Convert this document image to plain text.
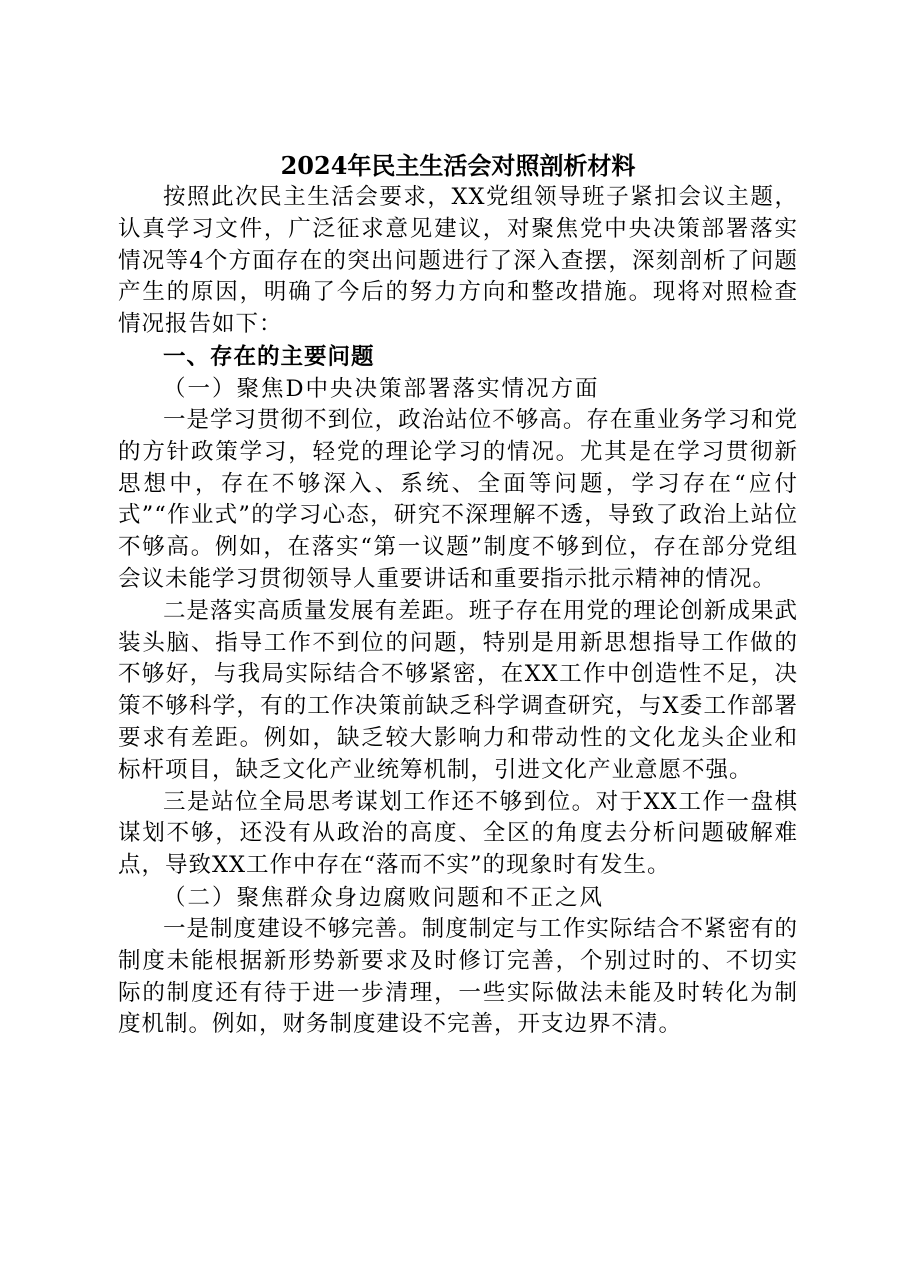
2024年民主生活会对照剖析材料

按照此次民主生活会要求，XX党组领导班子紧扣会议主题，认真学习文件，广泛征求意见建议，对聚焦党中央决策部署落实情况等4个方面存在的突出问题进行了深入查摆，深刻剖析了问题产生的原因，明确了今后的努力方向和整改措施。现将对照检查情况报告如下：

一、存在的主要问题

（一）聚焦D中央决策部署落实情况方面

一是学习贯彻不到位，政治站位不够高。存在重业务学习和党的方针政策学习，轻党的理论学习的情况。尤其是在学习贯彻新思想中，存在不够深入、系统、全面等问题，学习存在“应付式”“作业式”的学习心态，研究不深理解不透，导致了政治上站位不够高。例如，在落实“第一议题”制度不够到位，存在部分党组会议未能学习贯彻领导人重要讲话和重要指示批示精神的情况。

二是落实高质量发展有差距。班子存在用党的理论创新成果武装头脑、指导工作不到位的问题，特别是用新思想指导工作做的不够好，与我局实际结合不够紧密，在XX工作中创造性不足，决策不够科学，有的工作决策前缺乏科学调查研究，与X委工作部署要求有差距。例如，缺乏较大影响力和带动性的文化龙头企业和标杆项目，缺乏文化产业统筹机制，引进文化产业意愿不强。

三是站位全局思考谋划工作还不够到位。对于XX工作一盘棋谋划不够，还没有从政治的高度、全区的角度去分析问题破解难点，导致XX工作中存在“落而不实”的现象时有发生。

（二）聚焦群众身边腐败问题和不正之风

一是制度建设不够完善。制度制定与工作实际结合不紧密有的制度未能根据新形势新要求及时修订完善，个别过时的、不切实际的制度还有待于进一步清理，一些实际做法未能及时转化为制度机制。例如，财务制度建设不完善，开支边界不清。
